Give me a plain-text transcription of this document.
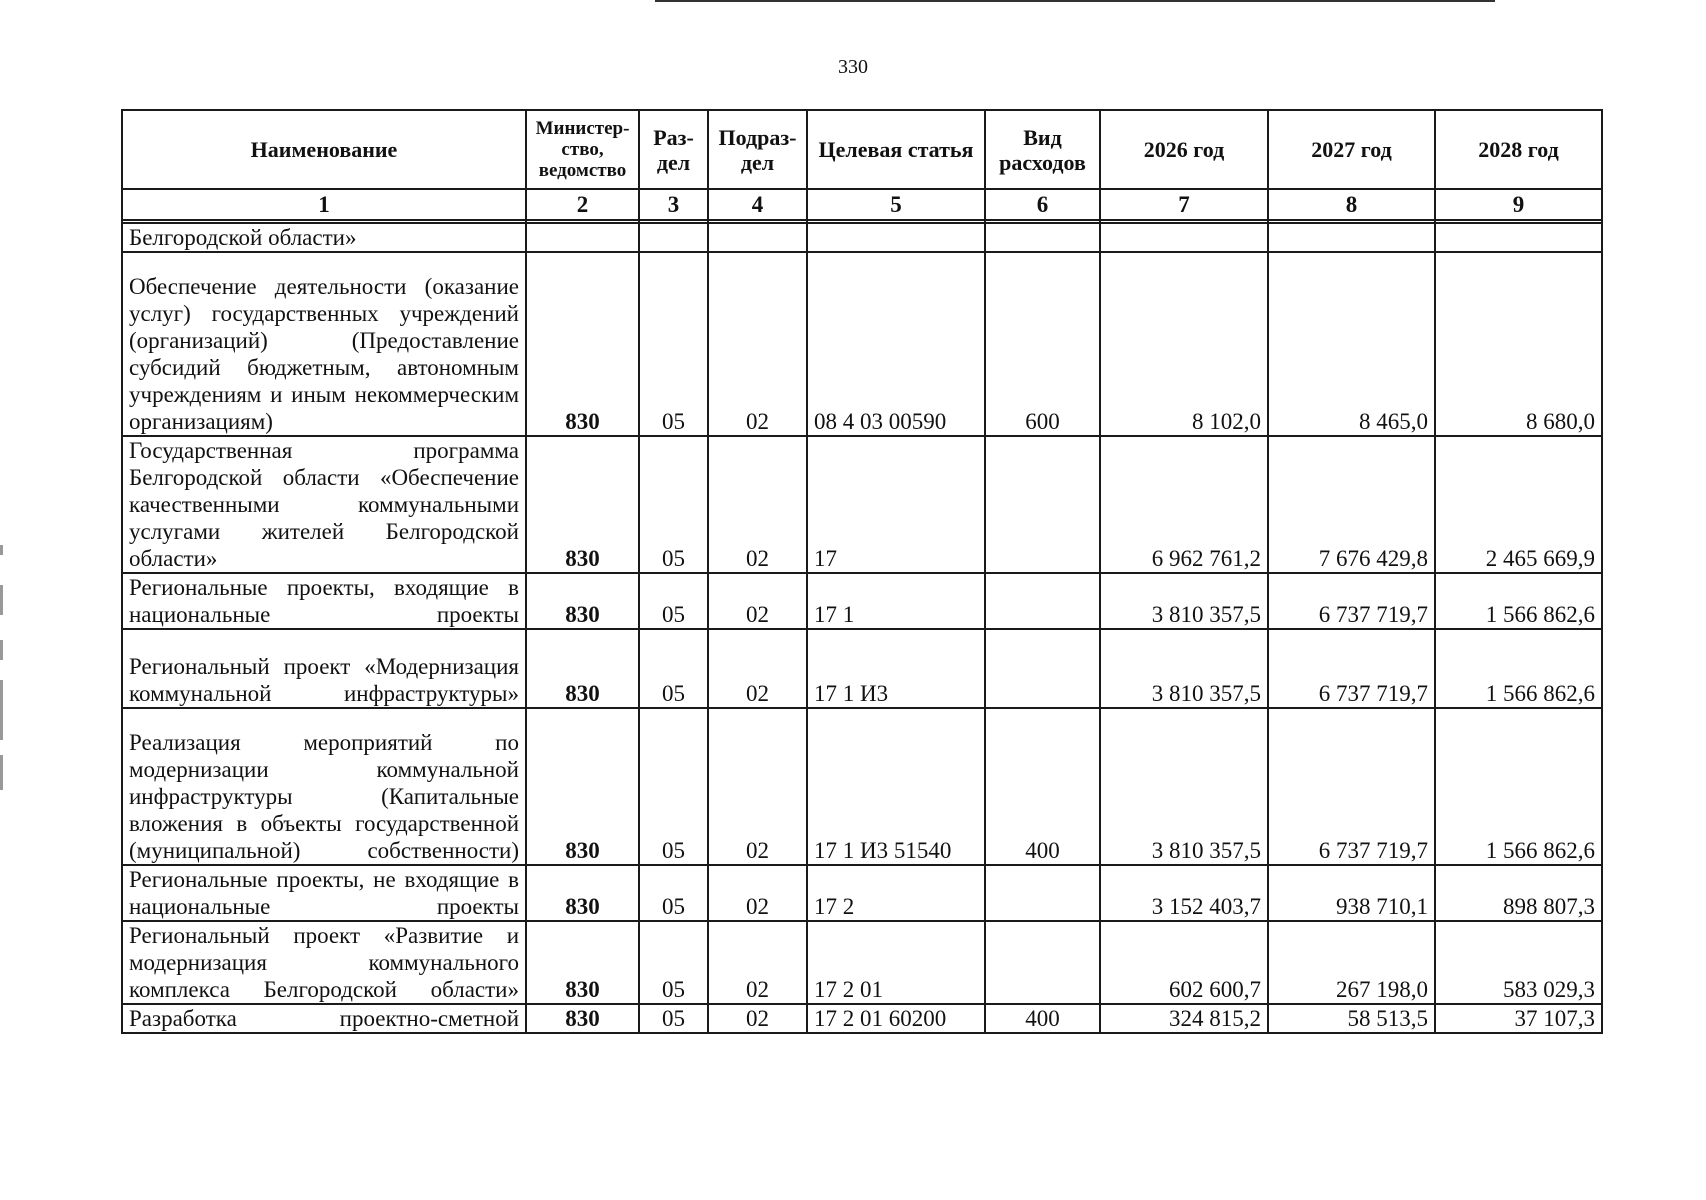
330
Наименование	Министер-ство, ведомство	Раз-дел	Подраз-дел	Целевая статья	Вид расходов	2026 год	2027 год	2028 год
1	2	3	4	5	6	7	8	9

Белгородской области»								
Обеспечение деятельности (оказание услуг) государственных учреждений (организаций) (Предоставление субсидий бюджетным, автономным учреждениям и иным некоммерческим организациям)	830	05	02	08 4 03 00590	600	8 102,0	8 465,0	8 680,0
Государственная программа Белгородской области «Обеспечение качественными коммунальными услугами жителей Белгородской области»	830	05	02	17		6 962 761,2	7 676 429,8	2 465 669,9
Региональные проекты, входящие в национальные проекты	830	05	02	17 1		3 810 357,5	6 737 719,7	1 566 862,6
Региональный проект «Модернизация коммунальной инфраструктуры»	830	05	02	17 1 И3		3 810 357,5	6 737 719,7	1 566 862,6
Реализация мероприятий по модернизации коммунальной инфраструктуры (Капитальные вложения в объекты государственной (муниципальной) собственности)	830	05	02	17 1 И3 51540	400	3 810 357,5	6 737 719,7	1 566 862,6
Региональные проекты, не входящие в национальные проекты	830	05	02	17 2		3 152 403,7	938 710,1	898 807,3
Региональный проект «Развитие и модернизация коммунального комплекса Белгородской области»	830	05	02	17 2 01		602 600,7	267 198,0	583 029,3
Разработка проектно-сметной	830	05	02	17 2 01 60200	400	324 815,2	58 513,5	37 107,3
